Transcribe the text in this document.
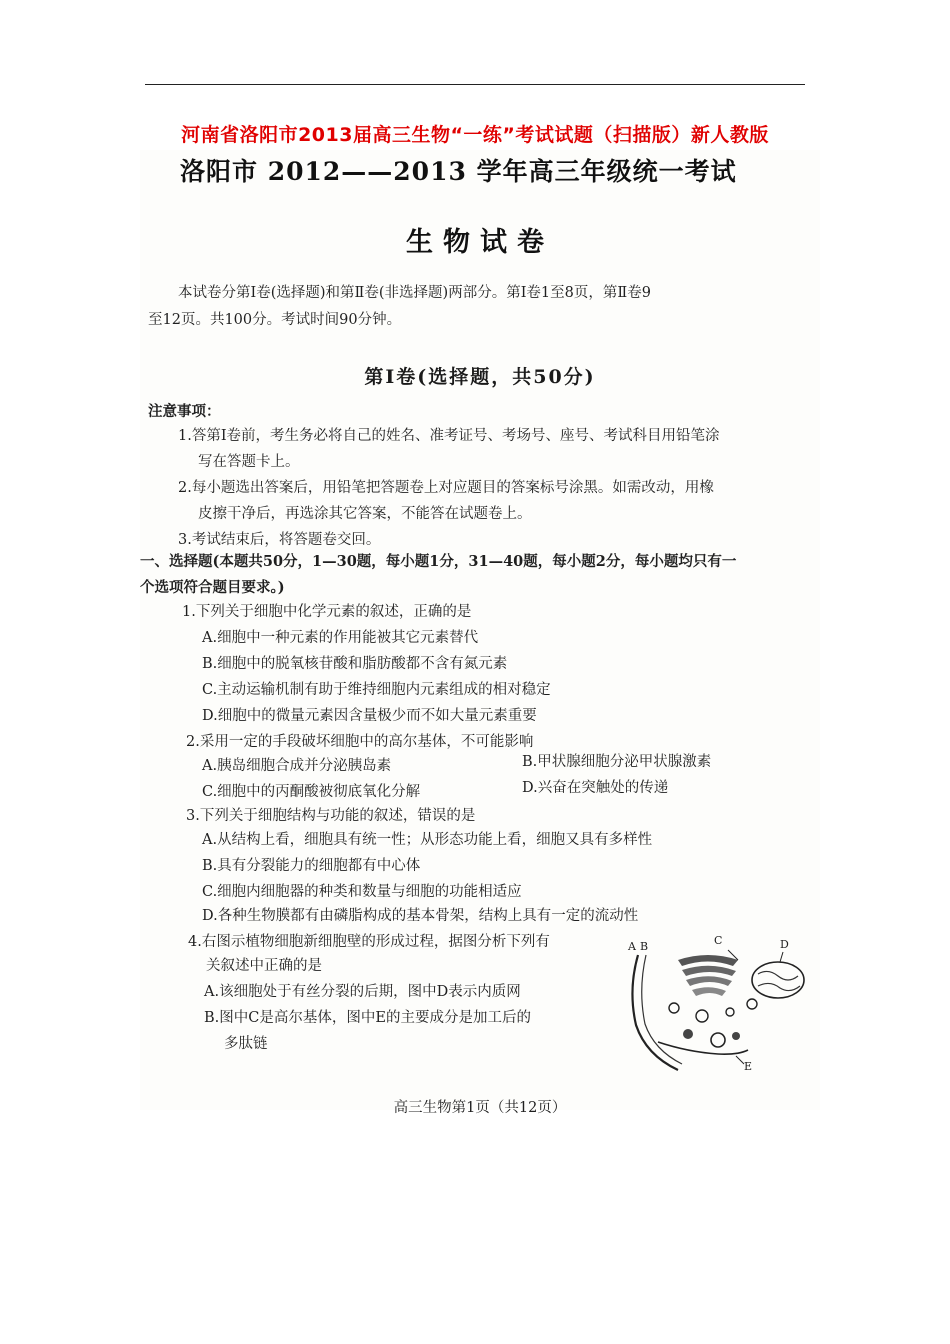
河南省洛阳市2013届高三生物“一练”考试试题（扫描版）新人教版
洛阳市 2012——2013 学年高三年级统一考试
生物试卷
本试卷分第Ⅰ卷(选择题)和第Ⅱ卷(非选择题)两部分。第Ⅰ卷1至8页，第Ⅱ卷9
至12页。共100分。考试时间90分钟。
第Ⅰ卷(选择题，共50分)
注意事项：
1.答第Ⅰ卷前，考生务必将自己的姓名、准考证号、考场号、座号、考试科目用铅笔涂
写在答题卡上。
2.每小题选出答案后，用铅笔把答题卷上对应题目的答案标号涂黑。如需改动，用橡
皮擦干净后，再选涂其它答案，不能答在试题卷上。
3.考试结束后，将答题卷交回。
一、选择题(本题共50分，1—30题，每小题1分，31—40题，每小题2分，每小题均只有一
个选项符合题目要求。)
1.下列关于细胞中化学元素的叙述，正确的是
A.细胞中一种元素的作用能被其它元素替代
B.细胞中的脱氧核苷酸和脂肪酸都不含有氮元素
C.主动运输机制有助于维持细胞内元素组成的相对稳定
D.细胞中的微量元素因含量极少而不如大量元素重要
2.采用一定的手段破坏细胞中的高尔基体，不可能影响
A.胰岛细胞合成并分泌胰岛素	B.甲状腺细胞分泌甲状腺激素
C.细胞中的丙酮酸被彻底氧化分解	D.兴奋在突触处的传递
3.下列关于细胞结构与功能的叙述，错误的是
A.从结构上看，细胞具有统一性；从形态功能上看，细胞又具有多样性
B.具有分裂能力的细胞都有中心体
C.细胞内细胞器的种类和数量与细胞的功能相适应
D.各种生物膜都有由磷脂构成的基本骨架，结构上具有一定的流动性
4.右图示植物细胞新细胞壁的形成过程，据图分析下列有
关叙述中正确的是
A.该细胞处于有丝分裂的后期，图中D表示内质网
B.图中C是高尔基体，图中E的主要成分是加工后的
多肽链
A B	C	D
E
高三生物第1页（共12页）
